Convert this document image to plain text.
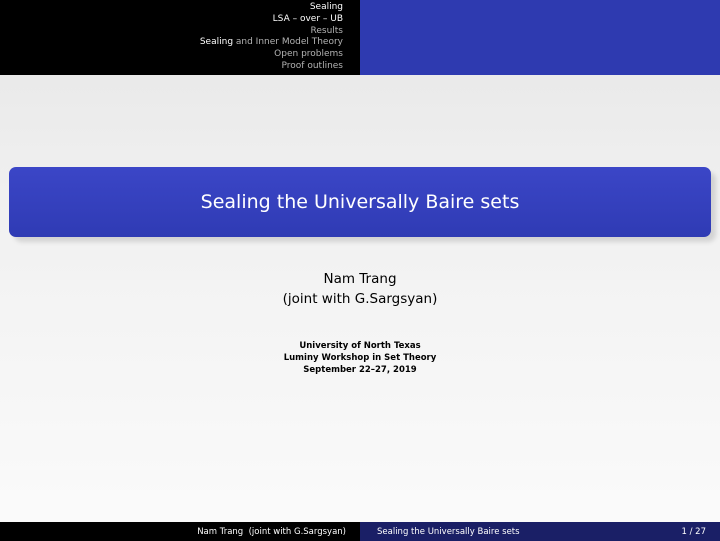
Sealing
LSA – over – UB
Results
Sealing and Inner Model Theory
Open problems
Proof outlines
Sealing the Universally Baire sets
Nam Trang
(joint with G.Sargsyan)
University of North Texas
Luminy Workshop in Set Theory
September 22–27, 2019
Nam Trang  (joint with G.Sargsyan)	Sealing the Universally Baire sets	1 / 27
